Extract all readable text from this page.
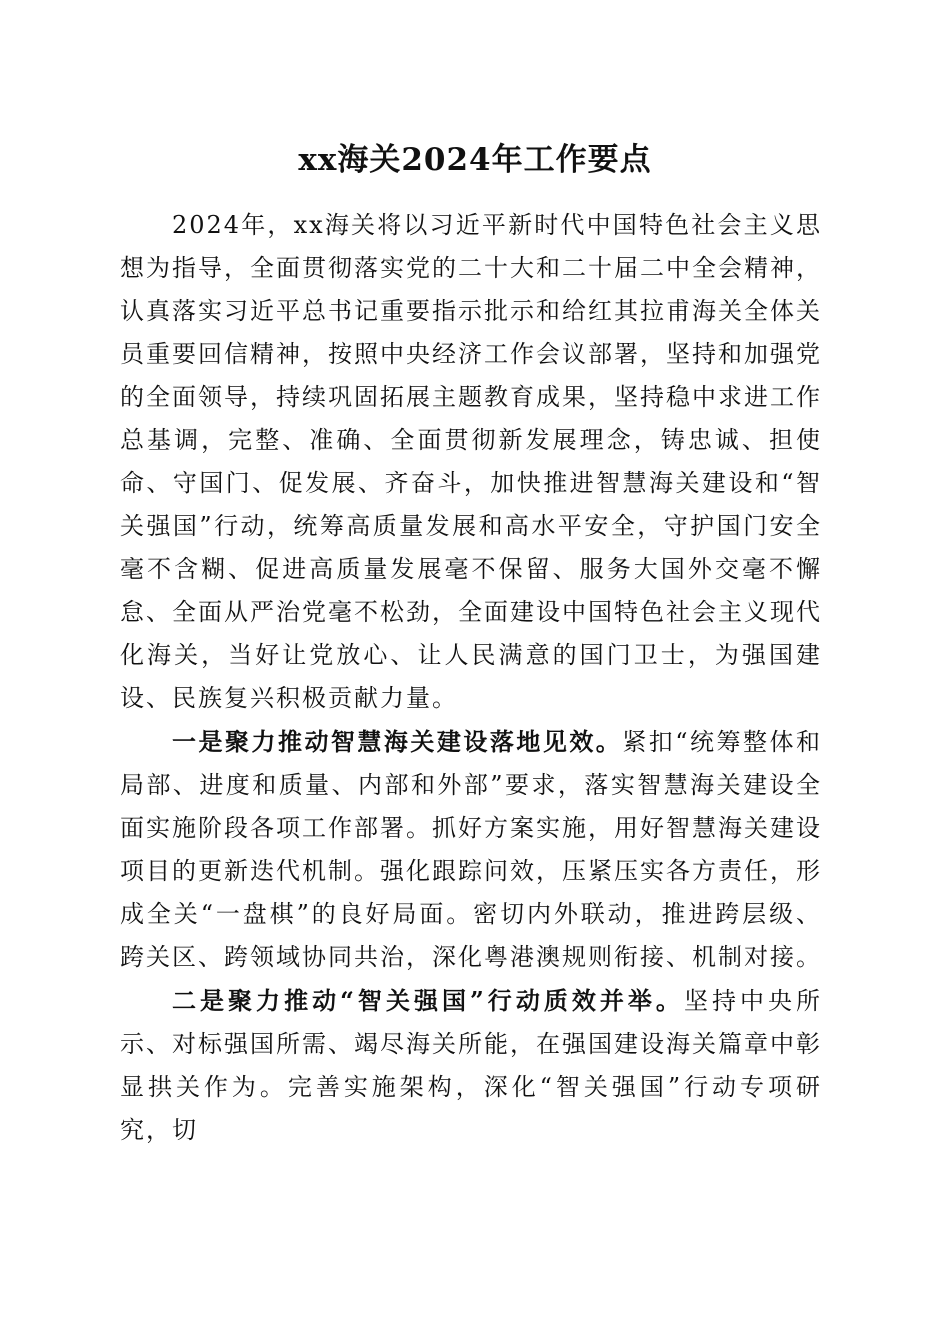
xx海关2024年工作要点

2024年，xx海关将以习近平新时代中国特色社会主义思想为指导，全面贯彻落实党的二十大和二十届二中全会精神，认真落实习近平总书记重要指示批示和给红其拉甫海关全体关员重要回信精神，按照中央经济工作会议部署，坚持和加强党的全面领导，持续巩固拓展主题教育成果，坚持稳中求进工作总基调，完整、准确、全面贯彻新发展理念，铸忠诚、担使命、守国门、促发展、齐奋斗，加快推进智慧海关建设和“智关强国”行动，统筹高质量发展和高水平安全，守护国门安全毫不含糊、促进高质量发展毫不保留、服务大国外交毫不懈怠、全面从严治党毫不松劲，全面建设中国特色社会主义现代化海关，当好让党放心、让人民满意的国门卫士，为强国建设、民族复兴积极贡献力量。

一是聚力推动智慧海关建设落地见效。紧扣“统筹整体和局部、进度和质量、内部和外部”要求，落实智慧海关建设全面实施阶段各项工作部署。抓好方案实施，用好智慧海关建设项目的更新迭代机制。强化跟踪问效，压紧压实各方责任，形成全关“一盘棋”的良好局面。密切内外联动，推进跨层级、跨关区、跨领域协同共治，深化粤港澳规则衔接、机制对接。

二是聚力推动“智关强国”行动质效并举。坚持中央所示、对标强国所需、竭尽海关所能，在强国建设海关篇章中彰显拱关作为。完善实施架构，深化“智关强国”行动专项研究，切
